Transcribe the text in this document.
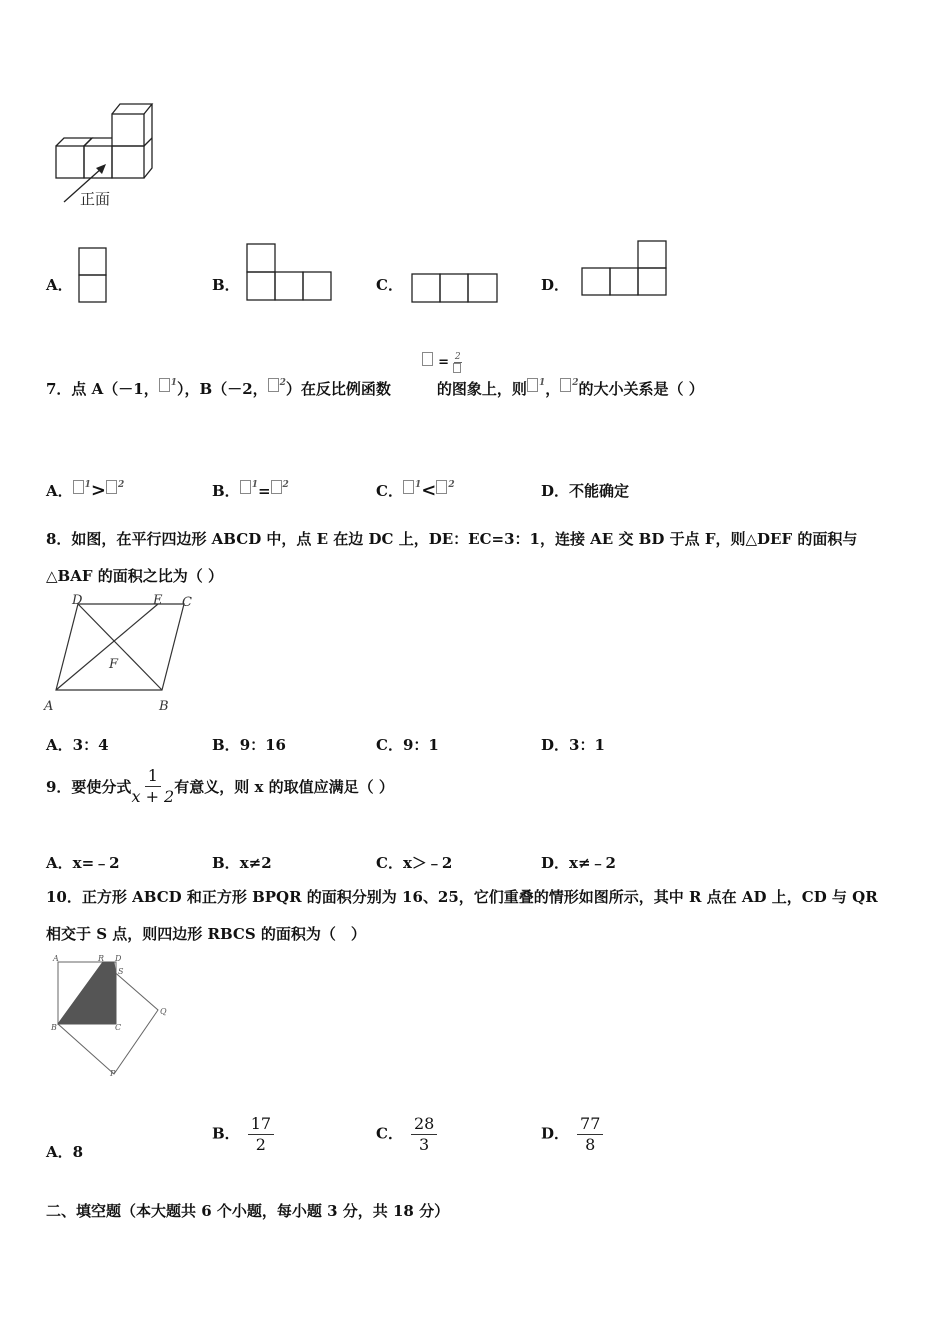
正面
A．	B．	C．	D．
7．点 A（－1， $^1$），B（－2， $^2$）在反比例函数	的图象上，则 $^1$， $^2$的大小关系是（ ）
= 2
A． $^1$> $^2$	B． $^1$= $^2$	C． $^1$< $^2$	D．不能确定
8．如图，在平行四边形 ABCD 中，点 E 在边 DC 上，DE：EC=3：1，连接 AE 交 BD 于点 F，则△DEF 的面积与
△BAF 的面积之比为（ ）
D	E C
F
A	B
A．3：4	B．9：16	C．9：1	D．3：1
9．要使分式 $\frac{1}{x + 2}$ 有意义，则 x 的取值应满足（ ）
A．x=﹣2	B．x≠2	C．x＞﹣2	D．x≠﹣2
10．正方形 ABCD 和正方形 BPQR 的面积分别为 16、25，它们重叠的情形如图所示，其中 R 点在 AD 上，CD 与 QR
相交于 S 点，则四边形 RBCS 的面积为（　）
A	R D
S
B	C
Q
P
A．8
B． $\frac{17}{2}$	C． $\frac{28}{3}$	D． $\frac{77}{8}$
二、填空题（本大题共 6 个小题，每小题 3 分，共 18 分）
